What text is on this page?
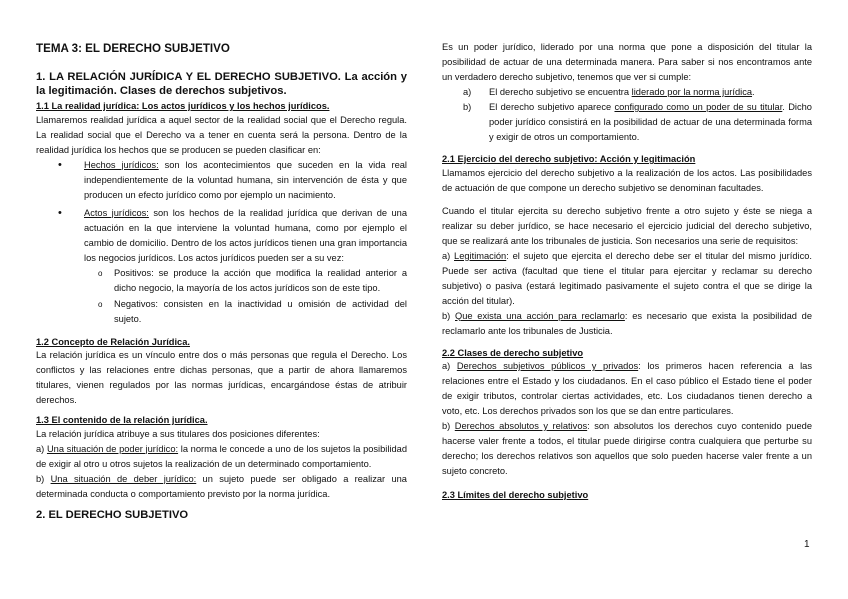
TEMA 3: EL DERECHO SUBJETIVO
1. LA RELACIÓN JURÍDICA Y EL DERECHO SUBJETIVO. La acción y la legitimación. Clases de derechos subjetivos.
1.1 La realidad jurídica: Los actos jurídicos y los hechos jurídicos.

Llamaremos realidad jurídica a aquel sector de la realidad social que el Derecho regula. La realidad social que el Derecho va a tener en cuenta será la persona. Dentro de la realidad jurídica los hechos que se producen se pueden clasificar en:

• Hechos jurídicos: son los acontecimientos que suceden en la vida real independientemente de la voluntad humana, sin intervención de ésta y que producen un efecto jurídico como por ejemplo un nacimiento.
• Actos jurídicos: son los hechos de la realidad jurídica que derivan de una actuación en la que interviene la voluntad humana, como por ejemplo el cambio de domicilio. Dentro de los actos jurídicos tienen una gran importancia los negocios jurídicos. Los actos jurídicos pueden ser a su vez:
o Positivos: se produce la acción que modifica la realidad anterior a dicho negocio, la mayoría de los actos jurídicos son de este tipo.
o Negativos: consisten en la inactividad u omisión de actividad del sujeto.
1.2 Concepto de Relación Jurídica.

La relación jurídica es un vínculo entre dos o más personas que regula el Derecho. Los conflictos y las relaciones entre dichas personas, que a partir de ahora llamaremos titulares, vienen regulados por las normas jurídicas, encargándose éstas de atribuir derechos.

1.3 El contenido de la relación jurídica.

La relación jurídica atribuye a sus titulares dos posiciones diferentes:

a) Una situación de poder jurídico: la norma le concede a uno de los sujetos la posibilidad de exigir al otro u otros sujetos la realización de un determinado comportamiento.

b) Una situación de deber jurídico: un sujeto puede ser obligado a realizar una determinada conducta o comportamiento previsto por la norma jurídica.

2. EL DERECHO SUBJETIVO

Es un poder jurídico, liderado por una norma que pone a disposición del titular la posibilidad de actuar de una determinada manera. Para saber si nos encontramos ante un verdadero derecho subjetivo, tenemos que ver si cumple:

a) El derecho subjetivo se encuentra liderado por la norma jurídica.
b) El derecho subjetivo aparece configurado como un poder de su titular. Dicho poder jurídico consistirá en la posibilidad de actuar de una determinada forma y exigir de otros un comportamiento.
2.1 Ejercicio del derecho subjetivo: Acción y legitimación

Llamamos ejercicio del derecho subjetivo a la realización de los actos. Las posibilidades de actuación de que compone un derecho subjetivo se denominan facultades.

Cuando el titular ejercita su derecho subjetivo frente a otro sujeto y éste se niega a realizar su deber jurídico, se hace necesario el ejercicio judicial del derecho subjetivo, que se realizará ante los tribunales de justicia. Son necesarios una serie de requisitos:

a) Legitimación: el sujeto que ejercita el derecho debe ser el titular del mismo jurídico. Puede ser activa (facultad que tiene el titular para ejercitar y reclamar su derecho subjetivo) o pasiva (estará legitimado pasivamente el sujeto contra el que se dirige la acción del titular).

b) Que exista una acción para reclamarlo: es necesario que exista la posibilidad de reclamarlo ante los tribunales de Justicia.

2.2 Clases de derecho subjetivo

a) Derechos subjetivos públicos y privados: los primeros hacen referencia a las relaciones entre el Estado y los ciudadanos. En el caso público el Estado tiene el poder de exigir tributos, controlar ciertas actividades, etc. Los ciudadanos tienen derecho a voto, etc. Los derechos privados son los que se dan entre particulares.

b) Derechos absolutos y relativos: son absolutos los derechos cuyo contenido puede hacerse valer frente a todos, el titular puede dirigirse contra cualquiera que perturbe su derecho; los derechos relativos son aquellos que solo pueden hacerse valer frente a un sujeto concreto.

2.3 Límites del derecho subjetivo
1
